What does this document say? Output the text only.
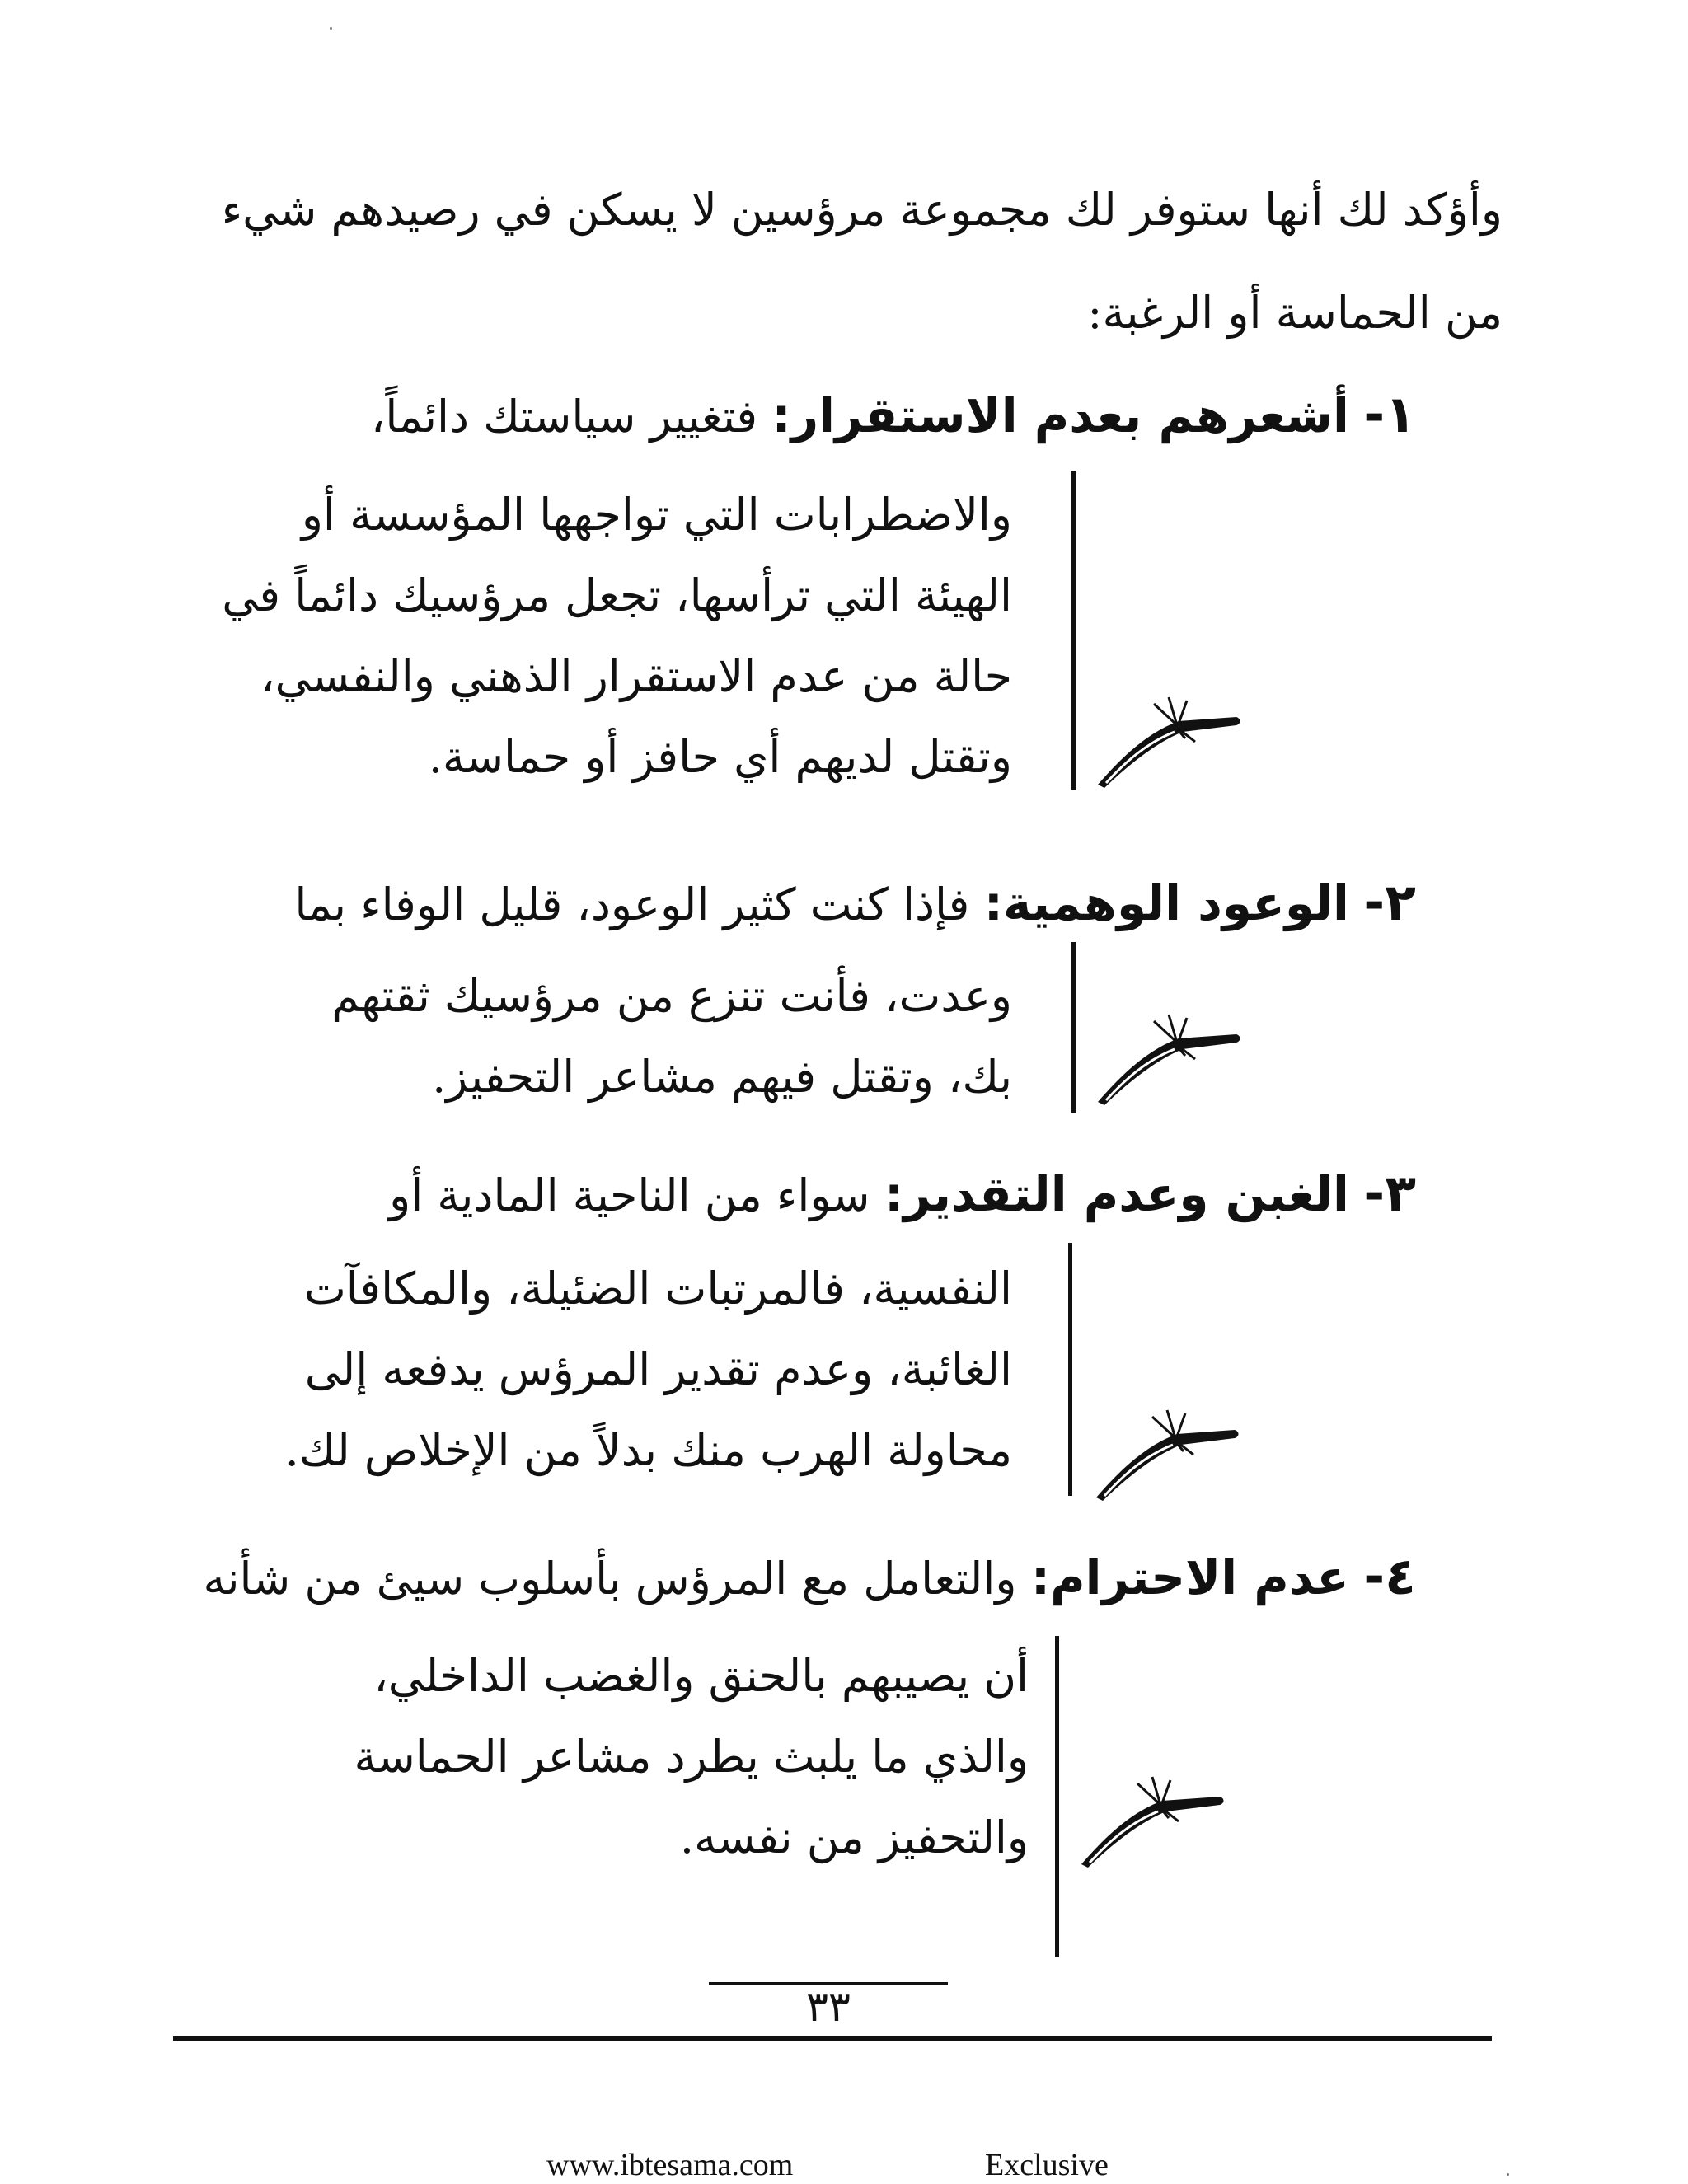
وأؤكد لك أنها ستوفر لك مجموعة مرؤسين لا يسكن في رصيدهم شيء
من الحماسة أو الرغبة:
١- أشعرهم بعدم الاستقرار: فتغيير سياستك دائماً،
والاضطرابات التي تواجهها المؤسسة أو
الهيئة التي ترأسها، تجعل مرؤسيك دائماً في
حالة من عدم الاستقرار الذهني والنفسي،
وتقتل لديهم أي حافز أو حماسة.
٢- الوعود الوهمية: فإذا كنت كثير الوعود، قليل الوفاء بما
وعدت، فأنت تنزع من مرؤسيك ثقتهم
بك، وتقتل فيهم مشاعر التحفيز.
٣- الغبن وعدم التقدير: سواء من الناحية المادية أو
النفسية، فالمرتبات الضئيلة، والمكافآت
الغائبة، وعدم تقدير المرؤس يدفعه إلى
محاولة الهرب منك بدلاً من الإخلاص لك.
٤- عدم الاحترام: والتعامل مع المرؤس بأسلوب سيئ من شأنه
أن يصيبهم بالحنق والغضب الداخلي،
والذي ما يلبث يطرد مشاعر الحماسة
والتحفيز من نفسه.
٣٣
www.ibtesama.com	Exclusive
